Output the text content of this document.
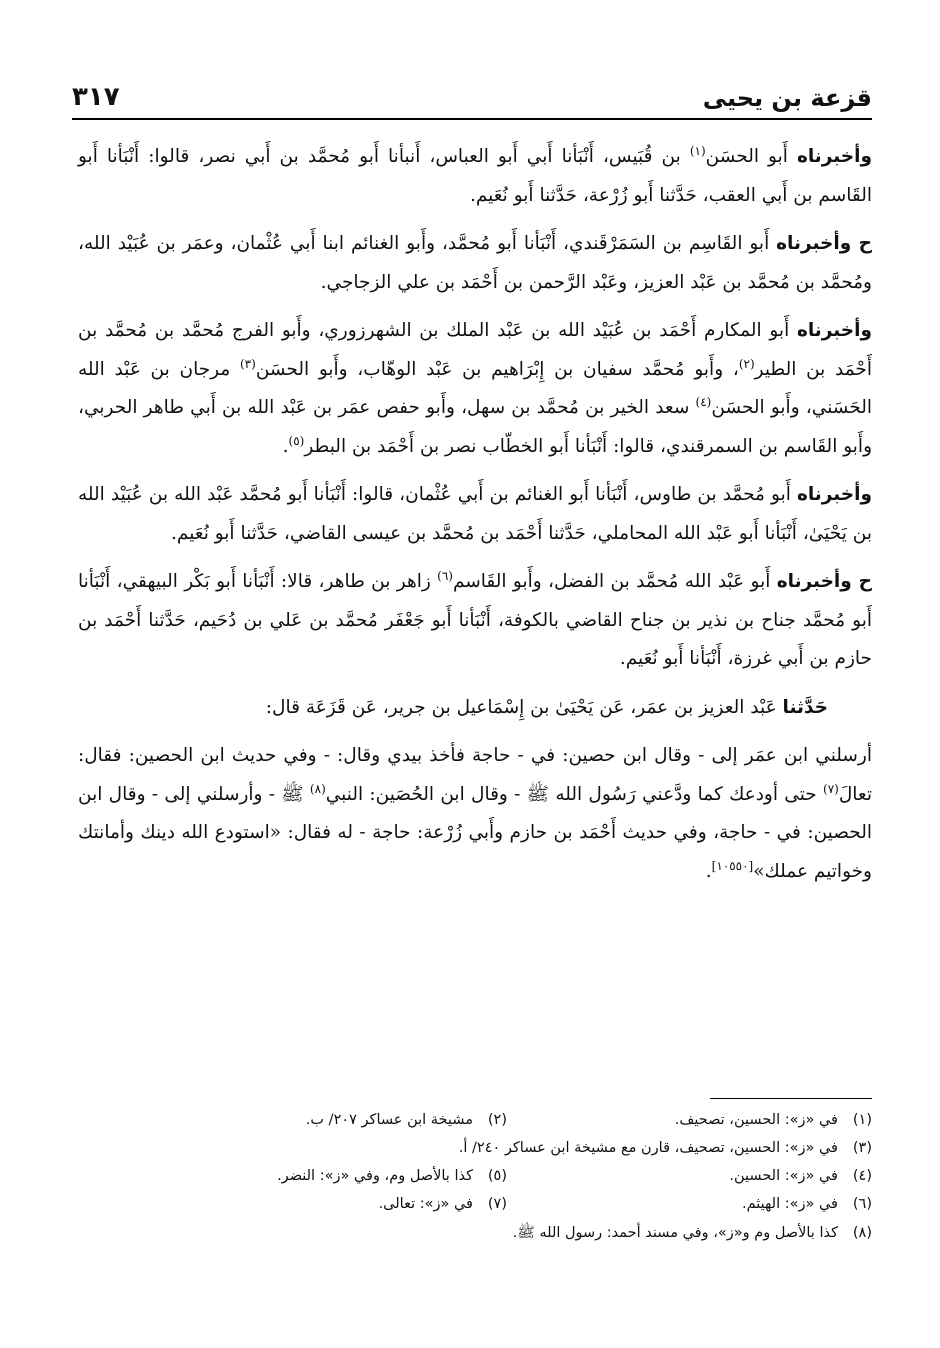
قزعة بن يحيى
٣١٧

وأخبرناه أَبو الحسَن$^{(١)}$ بن قُبَيس، أَنْبَأنا أَبي أَبو العباس، أَنبأنا أَبو مُحمَّد بن أَبي نصر، قالوا: أَنْبَأنا أَبو القَاسم بن أَبي العقب، حَدَّثنا أَبو زُرْعة، حَدَّثنا أَبو نُعَيم.

ح وأخبرناه أَبو القَاسِم بن السَمَرْقَندي، أَنْبَأنا أَبو مُحمَّد، وأَبو الغنائم ابنا أَبي عُثْمان، وعمَر بن عُبَيْد الله، ومُحمَّد بن مُحمَّد بن عَبْد العزيز، وعَبْد الرَّحمن بن أَحْمَد بن علي الزجاجي.

وأخبرناه أَبو المكارم أَحْمَد بن عُبَيْد الله بن عَبْد الملك بن الشهرزوري، وأَبو الفرج مُحمَّد بن مُحمَّد بن أَحْمَد بن الطير$^{(٢)}$، وأَبو مُحمَّد سفيان بن إِبْرَاهيم بن عَبْد الوهّاب، وأَبو الحسَن$^{(٣)}$ مرجان بن عَبْد الله الحَسَني، وأَبو الحسَن$^{(٤)}$ سعد الخير بن مُحمَّد بن سهل، وأَبو حفص عمَر بن عَبْد الله بن أَبي طاهر الحربي، وأَبو القَاسم بن السمرقندي، قالوا: أَنْبَأنا أَبو الخطّاب نصر بن أَحْمَد بن البطر$^{(٥)}$.

وأخبرناه أَبو مُحمَّد بن طاوس، أَنْبَأنا أَبو الغنائم بن أَبي عُثْمان، قالوا: أَنْبَأنا أَبو مُحمَّد عَبْد الله بن عُبَيْد الله بن يَحْيَىٰ، أَنْبَأنا أَبو عَبْد الله المحاملي، حَدَّثنا أَحْمَد بن مُحمَّد بن عيسى القاضي، حَدَّثنا أَبو نُعَيم.

ح وأخبرناه أَبو عَبْد الله مُحمَّد بن الفضل، وأَبو القَاسم$^{(٦)}$ زاهر بن طاهر، قالا: أَنْبَأنا أَبو بَكْر البيهقي، أَنْبَأنا أَبو مُحمَّد جناح بن نذير بن جناح القاضي بالكوفة، أَنْبَأنا أَبو جَعْفَر مُحمَّد بن عَلي بن دُحَيم، حَدَّثنا أَحْمَد بن حازم بن أَبي غرزة، أَنْبَأنا أَبو نُعَيم.

حَدَّثنا عَبْد العزيز بن عمَر، عَن يَحْيَىٰ بن إِسْمَاعيل بن جرير، عَن قَزَعَة قال:

أرسلني ابن عمَر إلى - وقال ابن حصين: في - حاجة فأخذ بيدي وقال: - وفي حديث ابن الحصين: فقال: تعالَ$^{(٧)}$ حتى أودعك كما ودَّعني رَسُول الله ﷺ - وقال ابن الحُصَين: النبي$^{(٨)}$ ﷺ - وأرسلني إلى - وقال ابن الحصين: في - حاجة، وفي حديث أَحْمَد بن حازم وأَبي زُرْعة: حاجة - له فقال: «استودع الله دينك وأمانتك وخواتيم عملك»[١٠٥٥٠].

(١)في «ز»: الحسين، تصحيف.
(٢)مشيخة ابن عساكر ٢٠٧/ ب.
(٣)في «ز»: الحسين، تصحيف، قارن مع مشيخة ابن عساكر ٢٤٠/ أ.
(٤)في «ز»: الحسين.
(٥)كذا بالأصل وم، وفي «ز»: النضر.
(٦)في «ز»: الهيثم.
(٧)في «ز»: تعالى.
(٨)كذا بالأصل وم و«ز»، وفي مسند أحمد: رسول الله ﷺ.
